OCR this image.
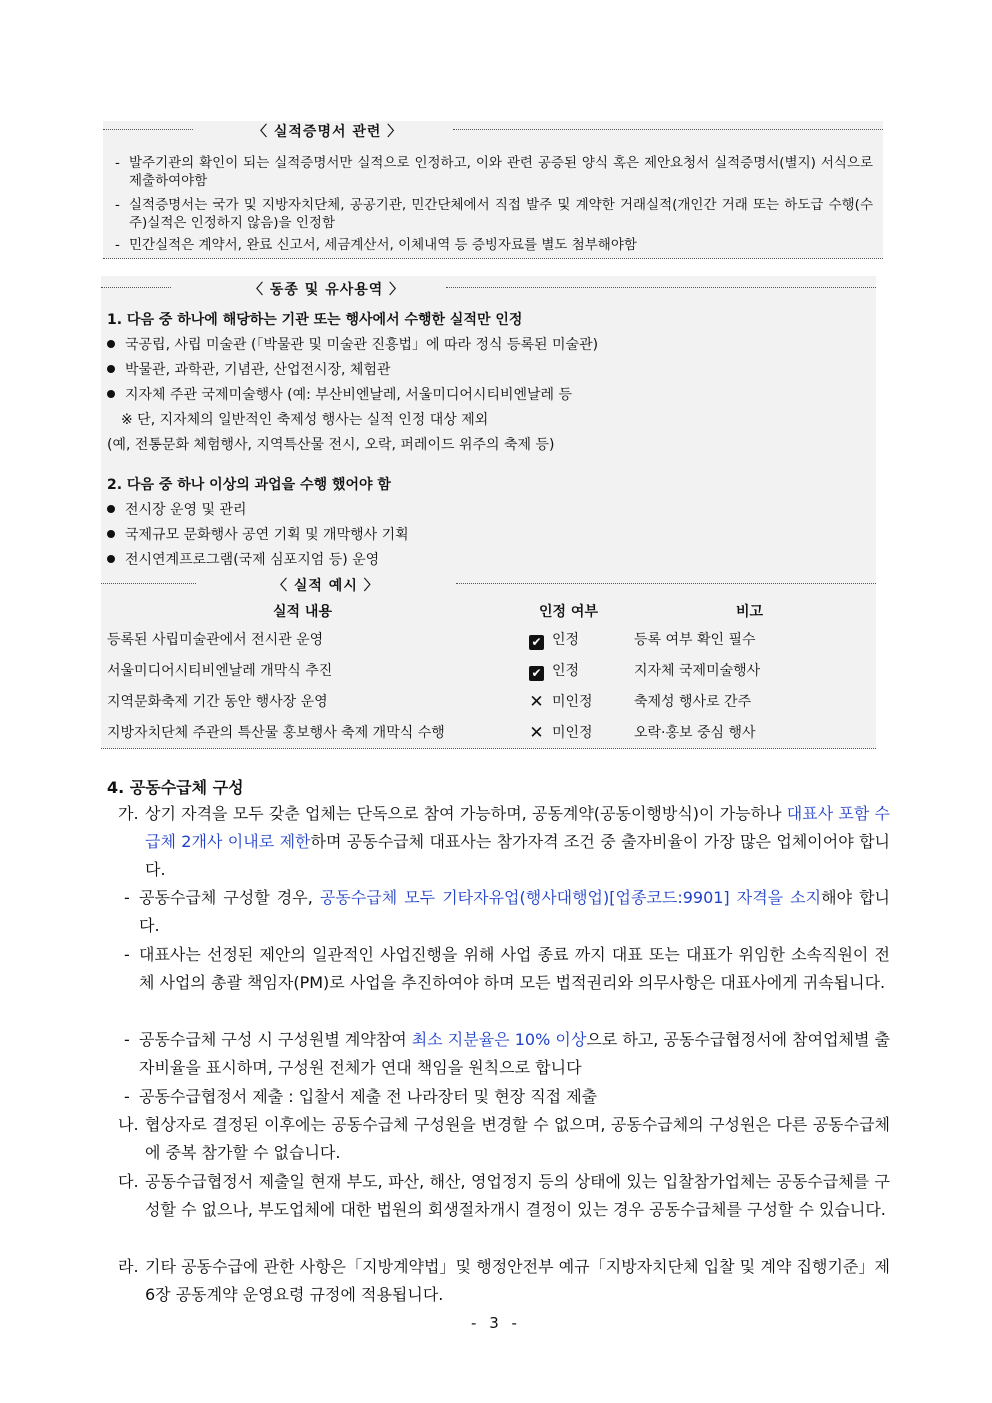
〈 실적증명서 관련 〉
- 발주기관의 확인이 되는 실적증명서만 실적으로 인정하고, 이와 관련 공증된 양식 혹은 제안요청서 실적증명서(별지) 서식으로 제출하여야함
- 실적증명서는 국가 및 지방자치단체, 공공기관, 민간단체에서 직접 발주 및 계약한 거래실적(개인간 거래 또는 하도급 수행(수주)실적은 인정하지 않음)을 인정함
- 민간실적은 계약서, 완료 신고서, 세금계산서, 이체내역 등 증빙자료를 별도 첨부해야함
〈 동종 및 유사용역 〉
1. 다음 중 하나에 해당하는 기관 또는 행사에서 수행한 실적만 인정
국공립, 사립 미술관 (「박물관 및 미술관 진흥법」에 따라 정식 등록된 미술관)
박물관, 과학관, 기념관, 산업전시장, 체험관
지자체 주관 국제미술행사 (예: 부산비엔날레, 서울미디어시티비엔날레 등
※ 단, 지자체의 일반적인 축제성 행사는 실적 인정 대상 제외
(예, 전통문화 체험행사, 지역특산물 전시, 오락, 퍼레이드 위주의 축제 등)
2. 다음 중 하나 이상의 과업을 수행 했어야 함
전시장 운영 및 관리
국제규모 문화행사 공연 기획 및 개막행사 기획
전시연계프로그램(국제 심포지엄 등) 운영
〈 실적 예시 〉
실적 내용	인정 여부	비고
등록된 사립미술관에서 전시관 운영	✔ 인정	등록 여부 확인 필수
서울미디어시티비엔날레 개막식 추진	✔ 인정	지자체 국제미술행사
지역문화축제 기간 동안 행사장 운영	✕ 미인정	축제성 행사로 간주
지방자치단체 주관의 특산물 홍보행사 축제 개막식 수행	✕ 미인정	오락·홍보 중심 행사
4. 공동수급체 구성
가. 상기 자격을 모두 갖춘 업체는 단독으로 참여 가능하며, 공동계약(공동이행방식)이 가능하나 대표사 포함 수급체 2개사 이내로 제한하며 공동수급체 대표사는 참가자격 조건 중 출자비율이 가장 많은 업체이어야 합니다.
- 공동수급체 구성할 경우, 공동수급체 모두 기타자유업(행사대행업)[업종코드:9901] 자격을 소지해야 합니다.
- 대표사는 선정된 제안의 일관적인 사업진행을 위해 사업 종료 까지 대표 또는 대표가 위임한 소속직원이 전체 사업의 총괄 책임자(PM)로 사업을 추진하여야 하며 모든 법적권리와 의무사항은 대표사에게 귀속됩니다.
- 공동수급체 구성 시 구성원별 계약참여 최소 지분율은 10% 이상으로 하고, 공동수급협정서에 참여업체별 출자비율을 표시하며, 구성원 전체가 연대 책임을 원칙으로 합니다
- 공동수급협정서 제출 : 입찰서 제출 전 나라장터 및 현장 직접 제출
나. 협상자로 결정된 이후에는 공동수급체 구성원을 변경할 수 없으며, 공동수급체의 구성원은 다른 공동수급체에 중복 참가할 수 없습니다.
다. 공동수급협정서 제출일 현재 부도, 파산, 해산, 영업정지 등의 상태에 있는 입찰참가업체는 공동수급체를 구성할 수 없으나, 부도업체에 대한 법원의 회생절차개시 결정이 있는 경우 공동수급체를 구성할 수 있습니다.
라. 기타 공동수급에 관한 사항은「지방계약법」및 행정안전부 예규「지방자치단체 입찰 및 계약 집행기준」제6장 공동계약 운영요령 규정에 적용됩니다.
- 3 -
